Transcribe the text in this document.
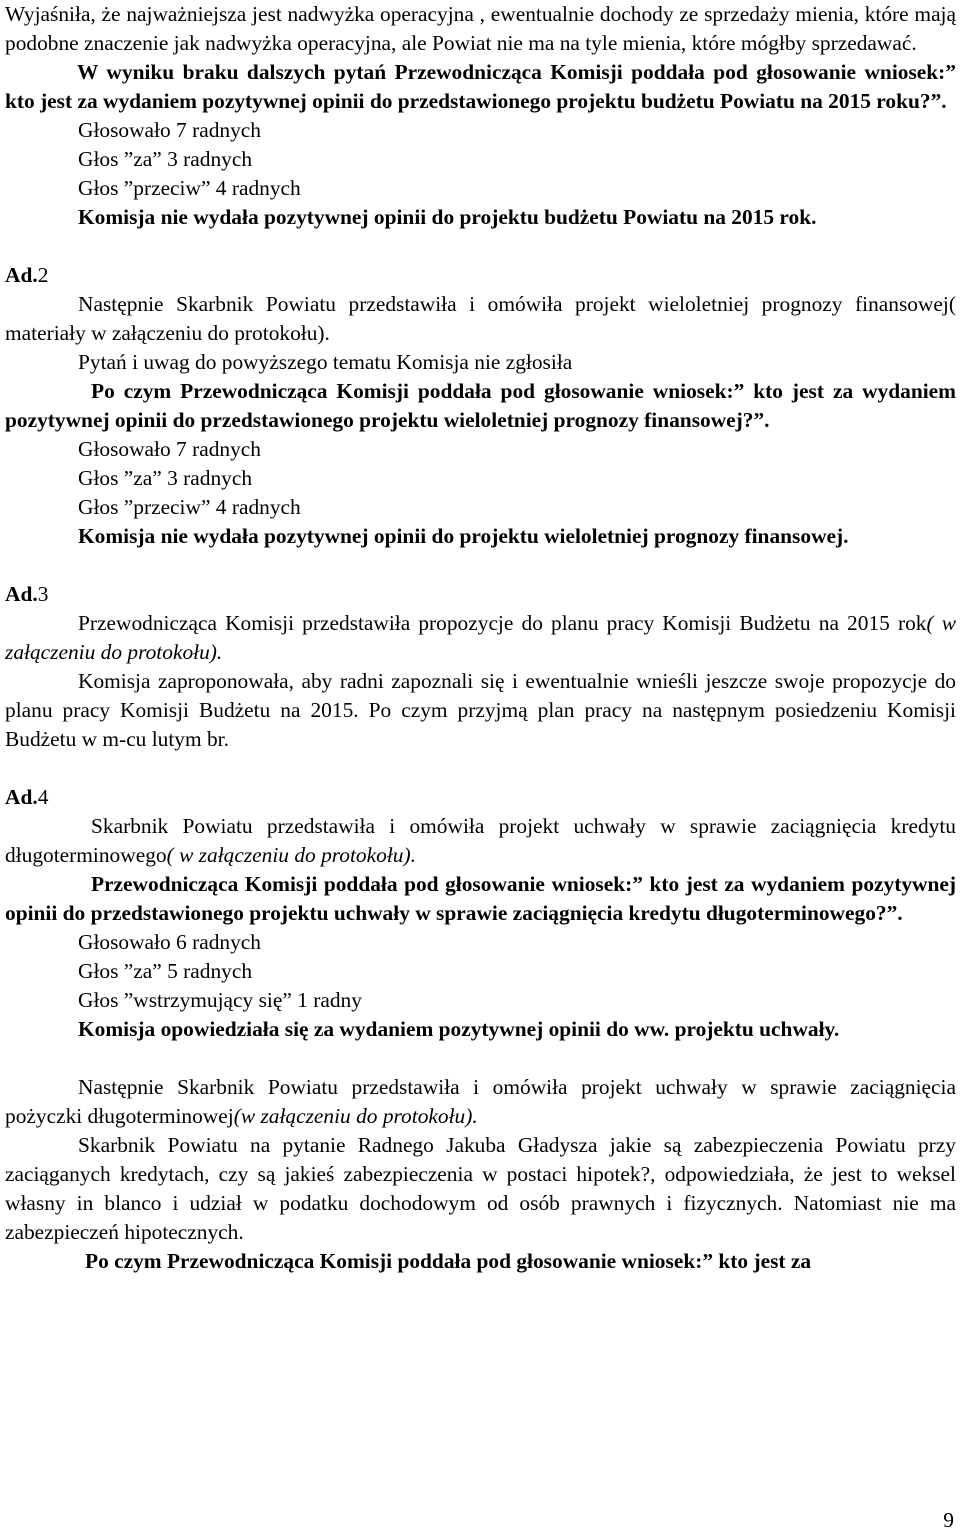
Wyjaśniła, że najważniejsza jest nadwyżka operacyjna , ewentualnie dochody ze sprzedaży mienia, które mają podobne znaczenie jak nadwyżka operacyjna, ale Powiat nie ma na tyle mienia, które mógłby sprzedawać.

W wyniku braku dalszych pytań Przewodnicząca Komisji poddała pod głosowanie wniosek:” kto jest za wydaniem pozytywnej opinii do przedstawionego projektu budżetu Powiatu na 2015 roku?”.

Głosowało 7 radnych

Głos ”za” 3 radnych

Głos ”przeciw” 4 radnych

Komisja nie wydała pozytywnej opinii do projektu budżetu Powiatu na 2015 rok.

Ad.2

Następnie Skarbnik Powiatu przedstawiła i omówiła projekt wieloletniej prognozy finansowej( materiały w załączeniu do protokołu).

Pytań i uwag do powyższego tematu Komisja nie zgłosiła

Po czym Przewodnicząca Komisji poddała pod głosowanie wniosek:” kto jest za wydaniem pozytywnej opinii do przedstawionego projektu wieloletniej prognozy finansowej?”.

Głosowało 7 radnych

Głos ”za” 3 radnych

Głos ”przeciw” 4 radnych

Komisja nie wydała pozytywnej opinii do projektu wieloletniej prognozy finansowej.

Ad.3

Przewodnicząca Komisji przedstawiła propozycje do planu pracy Komisji Budżetu na 2015 rok( w załączeniu do protokołu).

Komisja zaproponowała, aby radni zapoznali się i ewentualnie wnieśli jeszcze swoje propozycje do planu pracy Komisji Budżetu na 2015. Po czym przyjmą plan pracy na następnym posiedzeniu Komisji Budżetu w m-cu lutym br.

Ad.4

Skarbnik Powiatu przedstawiła i omówiła projekt uchwały w sprawie zaciągnięcia kredytu długoterminowego( w załączeniu do protokołu).

Przewodnicząca Komisji poddała pod głosowanie wniosek:” kto jest za wydaniem pozytywnej opinii do przedstawionego projektu uchwały w sprawie zaciągnięcia kredytu długoterminowego?”.

Głosowało 6 radnych

Głos ”za” 5 radnych

Głos ”wstrzymujący się” 1 radny

Komisja opowiedziała się za wydaniem pozytywnej opinii do ww. projektu uchwały.

Następnie Skarbnik Powiatu przedstawiła i omówiła projekt uchwały w sprawie zaciągnięcia pożyczki długoterminowej(w załączeniu do protokołu).

Skarbnik Powiatu na pytanie Radnego Jakuba Gładysza jakie są zabezpieczenia Powiatu przy zaciąganych kredytach, czy są jakieś zabezpieczenia w postaci hipotek?, odpowiedziała, że jest to weksel własny in blanco i udział w podatku dochodowym od osób prawnych i fizycznych. Natomiast nie ma zabezpieczeń hipotecznych.

Po czym Przewodnicząca Komisji poddała pod głosowanie wniosek:” kto jest za

9
